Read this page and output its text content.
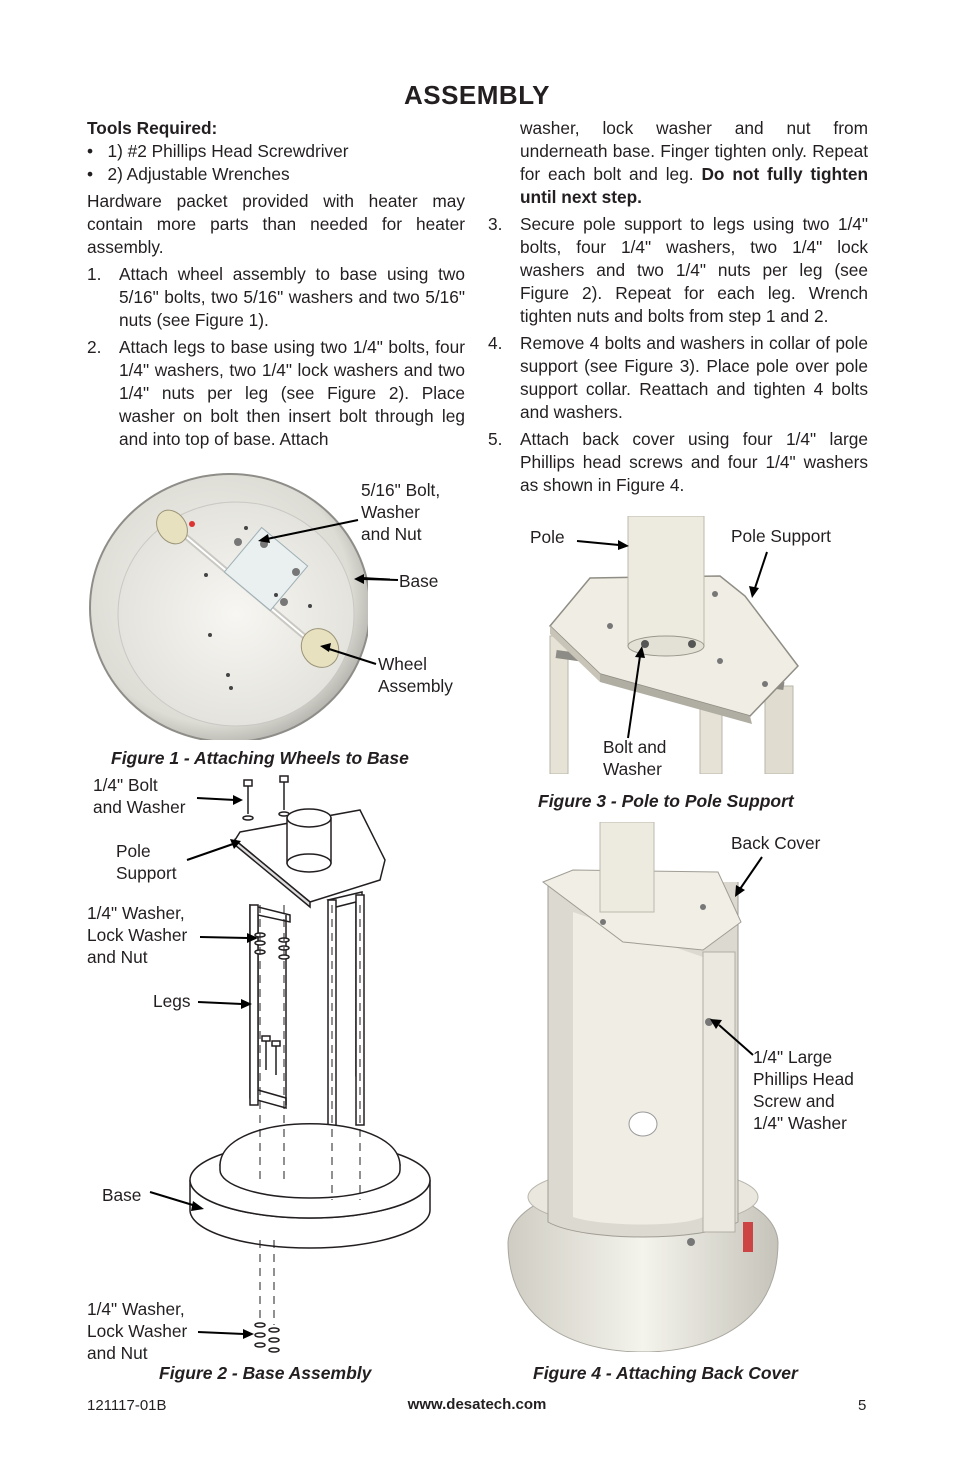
ASSEMBLY
Tools Required:
•   1) #2 Phillips Head Screwdriver
•   2) Adjustable Wrenches
Hardware packet provided with heater may contain more parts than needed for heater assembly.
1.	Attach wheel assembly to base using two 5/16" bolts, two 5/16" washers and two 5/16" nuts (see Figure 1).
2.	Attach legs to base using two 1/4" bolts, four 1/4" washers, two 1/4" lock washers and two 1/4" nuts per leg (see Figure 2). Place washer on bolt then insert bolt through leg and into top of base. Attach
washer, lock washer and nut from underneath base. Finger tighten only. Repeat for each bolt and leg. Do not fully tighten until next step.
3.	Secure pole support to legs using two 1/4" bolts, four 1/4" washers, two 1/4" lock washers and two 1/4" nuts per leg (see Figure 2). Repeat for each leg. Wrench tighten nuts and bolts from step 1 and 2.
4.	Remove 4 bolts and washers in collar of pole support (see Figure 3). Place pole over pole support collar. Reattach and tighten 4 bolts and washers.
5.	Attach back cover using four 1/4" large Phillips head screws and four 1/4" washers as shown in Figure 4.
5/16" Bolt,
Washer
and Nut
Base
Wheel
Assembly
Figure 1 - Attaching Wheels to Base
1/4" Bolt
and Washer
Pole
Support
1/4" Washer,
Lock Washer
and Nut
Legs
Base
1/4" Washer,
Lock Washer
and Nut
Figure 2 - Base Assembly
Pole	Pole Support
Bolt and
Washer
Figure 3 - Pole to Pole Support
Back Cover
1/4" Large
Phillips Head
Screw and
1/4" Washer
Figure 4 - Attaching Back Cover
121117-01B	www.desatech.com	5
